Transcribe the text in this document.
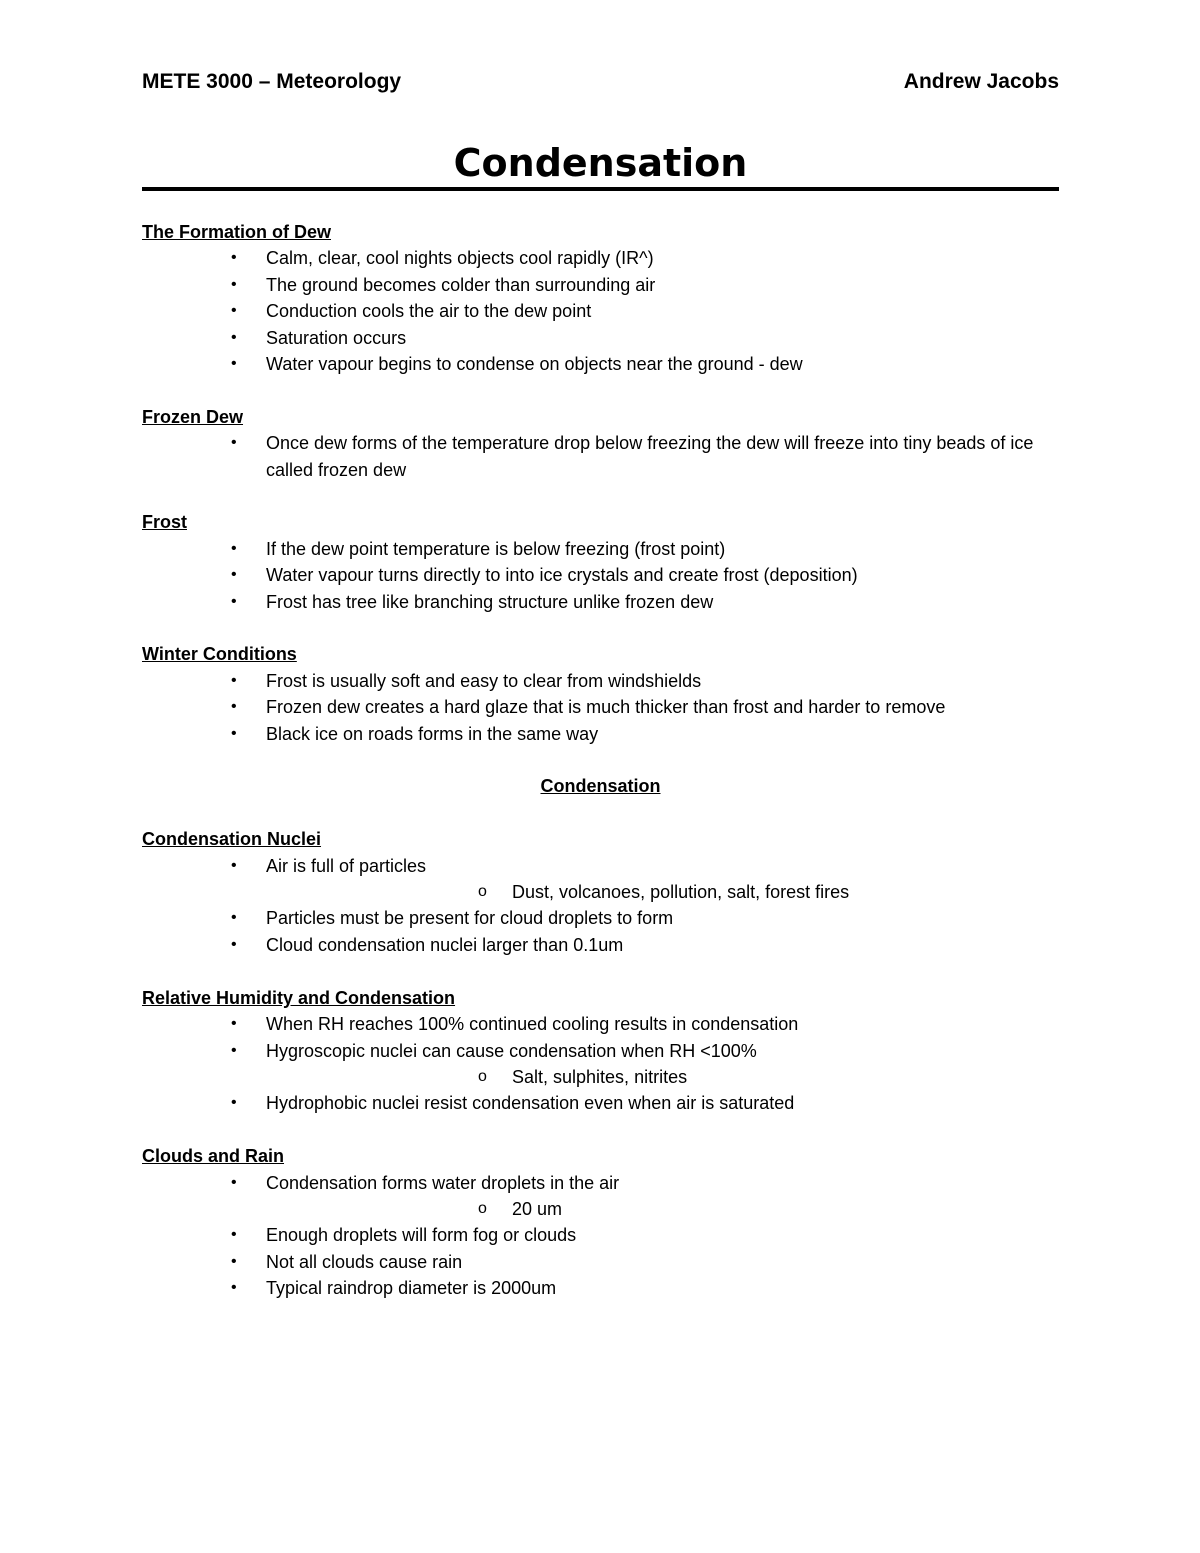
METE 3000 – Meteorology	Andrew Jacobs
Condensation

The Formation of Dew

• Calm, clear, cool nights objects cool rapidly (IR^)
• The ground becomes colder than surrounding air
• Conduction cools the air to the dew point
• Saturation occurs
• Water vapour begins to condense on objects near the ground - dew

Frozen Dew

• Once dew forms of the temperature drop below freezing the dew will freeze into tiny beads of ice called frozen dew

Frost

• If the dew point temperature is below freezing (frost point)
• Water vapour turns directly to into ice crystals and create frost (deposition)
• Frost has tree like branching structure unlike frozen dew

Winter Conditions

• Frost is usually soft and easy to clear from windshields
• Frozen dew creates a hard glaze that is much thicker than frost and harder to remove
• Black ice on roads forms in the same way

Condensation

Condensation Nuclei

• Air is full of particles
o Dust, volcanoes, pollution, salt, forest fires
• Particles must be present for cloud droplets to form
• Cloud condensation nuclei larger than 0.1um

Relative Humidity and Condensation

• When RH reaches 100% continued cooling results in condensation
• Hygroscopic nuclei can cause condensation when RH <100%
o Salt, sulphites, nitrites
• Hydrophobic nuclei resist condensation even when air is saturated

Clouds and Rain

• Condensation forms water droplets in the air
o 20 um
• Enough droplets will form fog or clouds
• Not all clouds cause rain
• Typical raindrop diameter is 2000um
